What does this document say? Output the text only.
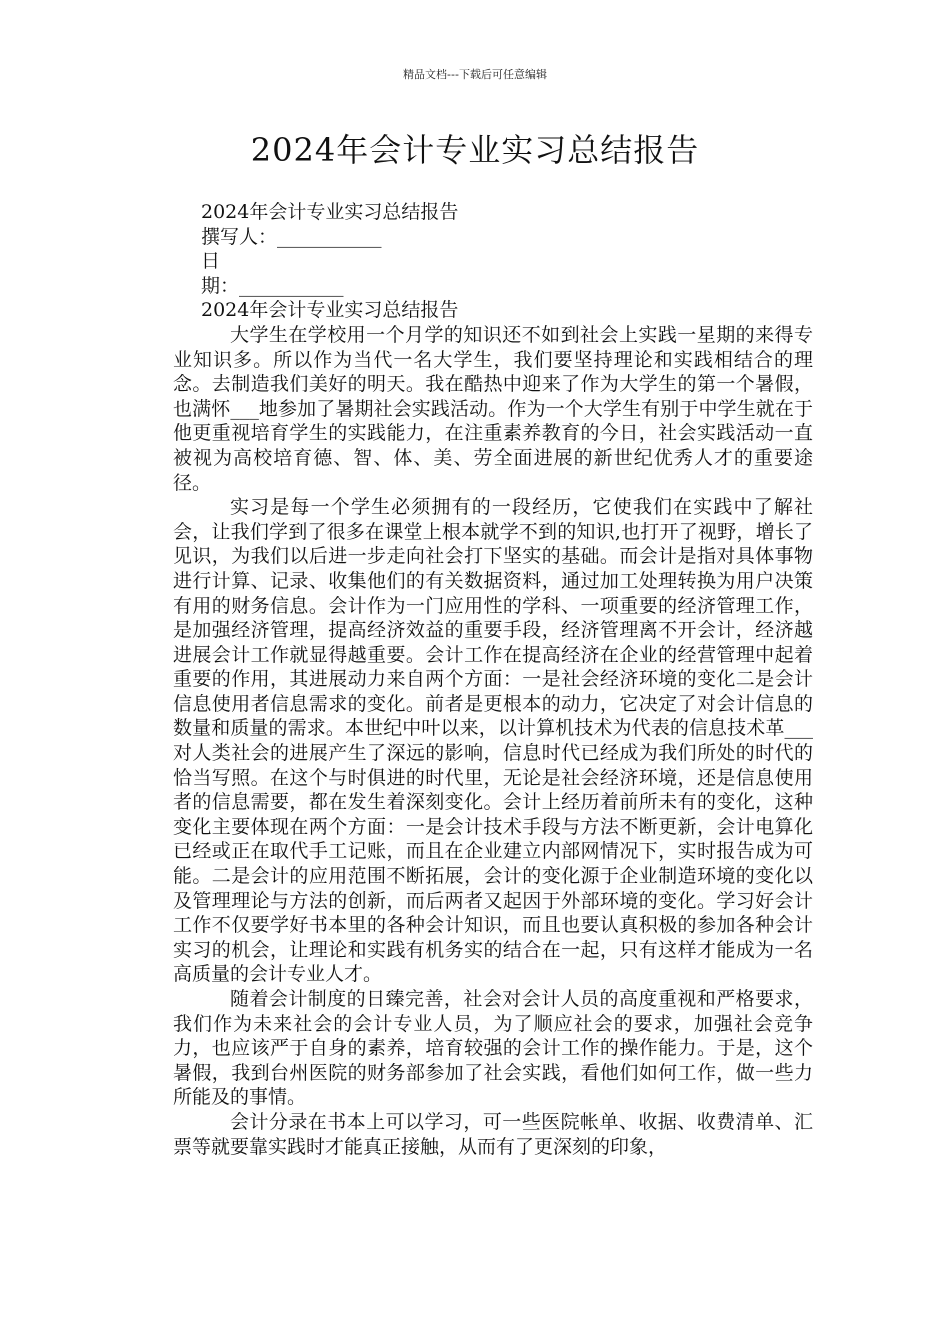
精品文档---下载后可任意编辑
2024年会计专业实习总结报告
2024年会计专业实习总结报告
撰写人：___________
日
期：___________
2024年会计专业实习总结报告

大学生在学校用一个月学的知识还不如到社会上实践一星期的来得专业知识多。所以作为当代一名大学生，我们要坚持理论和实践相结合的理念。去制造我们美好的明天。我在酷热中迎来了作为大学生的第一个暑假，也满怀___地参加了暑期社会实践活动。作为一个大学生有别于中学生就在于他更重视培育学生的实践能力，在注重素养教育的今日，社会实践活动一直被视为高校培育德、智、体、美、劳全面进展的新世纪优秀人才的重要途径。

实习是每一个学生必须拥有的一段经历，它使我们在实践中了解社会，让我们学到了很多在课堂上根本就学不到的知识,也打开了视野，增长了见识，为我们以后进一步走向社会打下坚实的基础。而会计是指对具体事物进行计算、记录、收集他们的有关数据资料，通过加工处理转换为用户决策有用的财务信息。会计作为一门应用性的学科、一项重要的经济管理工作，是加强经济管理，提高经济效益的重要手段，经济管理离不开会计，经济越进展会计工作就显得越重要。会计工作在提高经济在企业的经营管理中起着重要的作用，其进展动力来自两个方面：一是社会经济环境的变化二是会计信息使用者信息需求的变化。前者是更根本的动力，它决定了对会计信息的数量和质量的需求。本世纪中叶以来，以计算机技术为代表的信息技术革___对人类社会的进展产生了深远的影响，信息时代已经成为我们所处的时代的恰当写照。在这个与时俱进的时代里，无论是社会经济环境，还是信息使用者的信息需要，都在发生着深刻变化。会计上经历着前所未有的变化，这种变化主要体现在两个方面：一是会计技术手段与方法不断更新，会计电算化已经或正在取代手工记账，而且在企业建立内部网情况下，实时报告成为可能。二是会计的应用范围不断拓展，会计的变化源于企业制造环境的变化以及管理理论与方法的创新，而后两者又起因于外部环境的变化。学习好会计工作不仅要学好书本里的各种会计知识，而且也要认真积极的参加各种会计实习的机会，让理论和实践有机务实的结合在一起，只有这样才能成为一名高质量的会计专业人才。

随着会计制度的日臻完善，社会对会计人员的高度重视和严格要求，我们作为未来社会的会计专业人员，为了顺应社会的要求，加强社会竞争力，也应该严于自身的素养，培育较强的会计工作的操作能力。于是，这个暑假，我到台州医院的财务部参加了社会实践，看他们如何工作，做一些力所能及的事情。

会计分录在书本上可以学习，可一些医院帐单、收据、收费清单、汇票等就要靠实践时才能真正接触，从而有了更深刻的印象，
